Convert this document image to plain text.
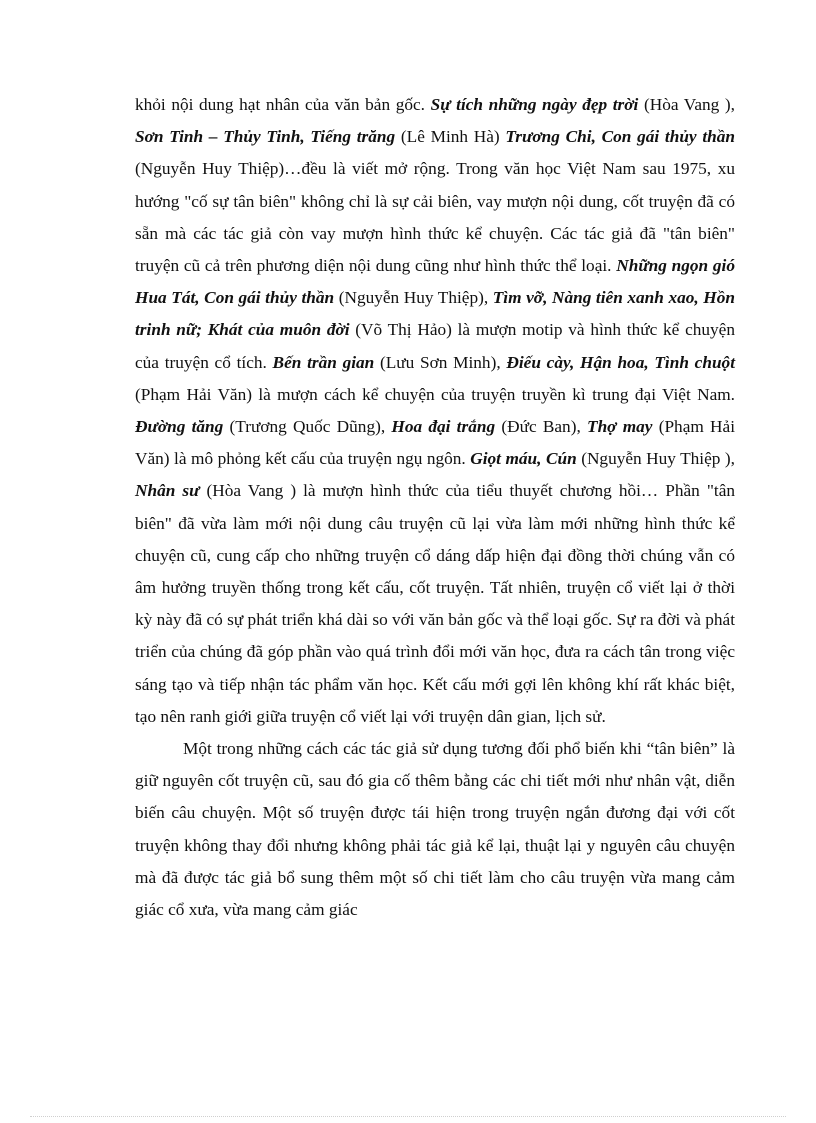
khỏi nội dung hạt nhân của văn bản gốc. Sự tích những ngày đẹp trời (Hòa Vang ), Sơn Tinh – Thủy Tinh, Tiếng trăng (Lê Minh Hà) Trương Chi, Con gái thủy thần (Nguyễn Huy Thiệp)…đều là viết mở rộng. Trong văn học Việt Nam sau 1975, xu hướng "cố sự tân biên" không chỉ là sự cải biên, vay mượn nội dung, cốt truyện đã có sẵn mà các tác giả còn vay mượn hình thức kể chuyện. Các tác giả đã "tân biên" truyện cũ cả trên phương diện nội dung cũng như hình thức thể loại. Những ngọn gió Hua Tát, Con gái thủy thần (Nguyễn Huy Thiệp), Tìm vỡ, Nàng tiên xanh xao, Hồn trinh nữ; Khát của muôn đời (Võ Thị Hảo) là mượn motip và hình thức kể chuyện của truyện cổ tích. Bến trần gian (Lưu Sơn Minh), Điếu cày, Hận hoa, Tình chuột (Phạm Hải Văn) là mượn cách kể chuyện của truyện truyền kì trung đại Việt Nam. Đường tăng (Trương Quốc Dũng), Hoa đại trắng (Đức Ban), Thợ may (Phạm Hải Văn) là mô phỏng kết cấu của truyện ngụ ngôn. Giọt máu, Cún (Nguyễn Huy Thiệp ), Nhân sư (Hòa Vang ) là mượn hình thức của tiểu thuyết chương hồi… Phần "tân biên" đã vừa làm mới nội dung câu truyện cũ lại vừa làm mới những hình thức kể chuyện cũ, cung cấp cho những truyện cổ dáng dấp hiện đại đồng thời chúng vẫn có âm hưởng truyền thống trong kết cấu, cốt truyện. Tất nhiên, truyện cổ viết lại ở thời kỳ này đã có sự phát triển khá dài so với văn bản gốc và thể loại gốc. Sự ra đời và phát triển của chúng đã góp phần vào quá trình đổi mới văn học, đưa ra cách tân trong việc sáng tạo và tiếp nhận tác phẩm văn học. Kết cấu mới gợi lên không khí rất khác biệt, tạo nên ranh giới giữa truyện cổ viết lại với truyện dân gian, lịch sử.

Một trong những cách các tác giả sử dụng tương đối phổ biến khi “tân biên” là giữ nguyên cốt truyện cũ, sau đó gia cố thêm bằng các chi tiết mới như nhân vật, diễn biến câu chuyện. Một số truyện được tái hiện trong truyện ngắn đương đại với cốt truyện không thay đổi nhưng không phải tác giả kể lại, thuật lại y nguyên câu chuyện mà đã được tác giả bổ sung thêm một số chi tiết làm cho câu truyện vừa mang cảm giác cổ xưa, vừa mang cảm giác
